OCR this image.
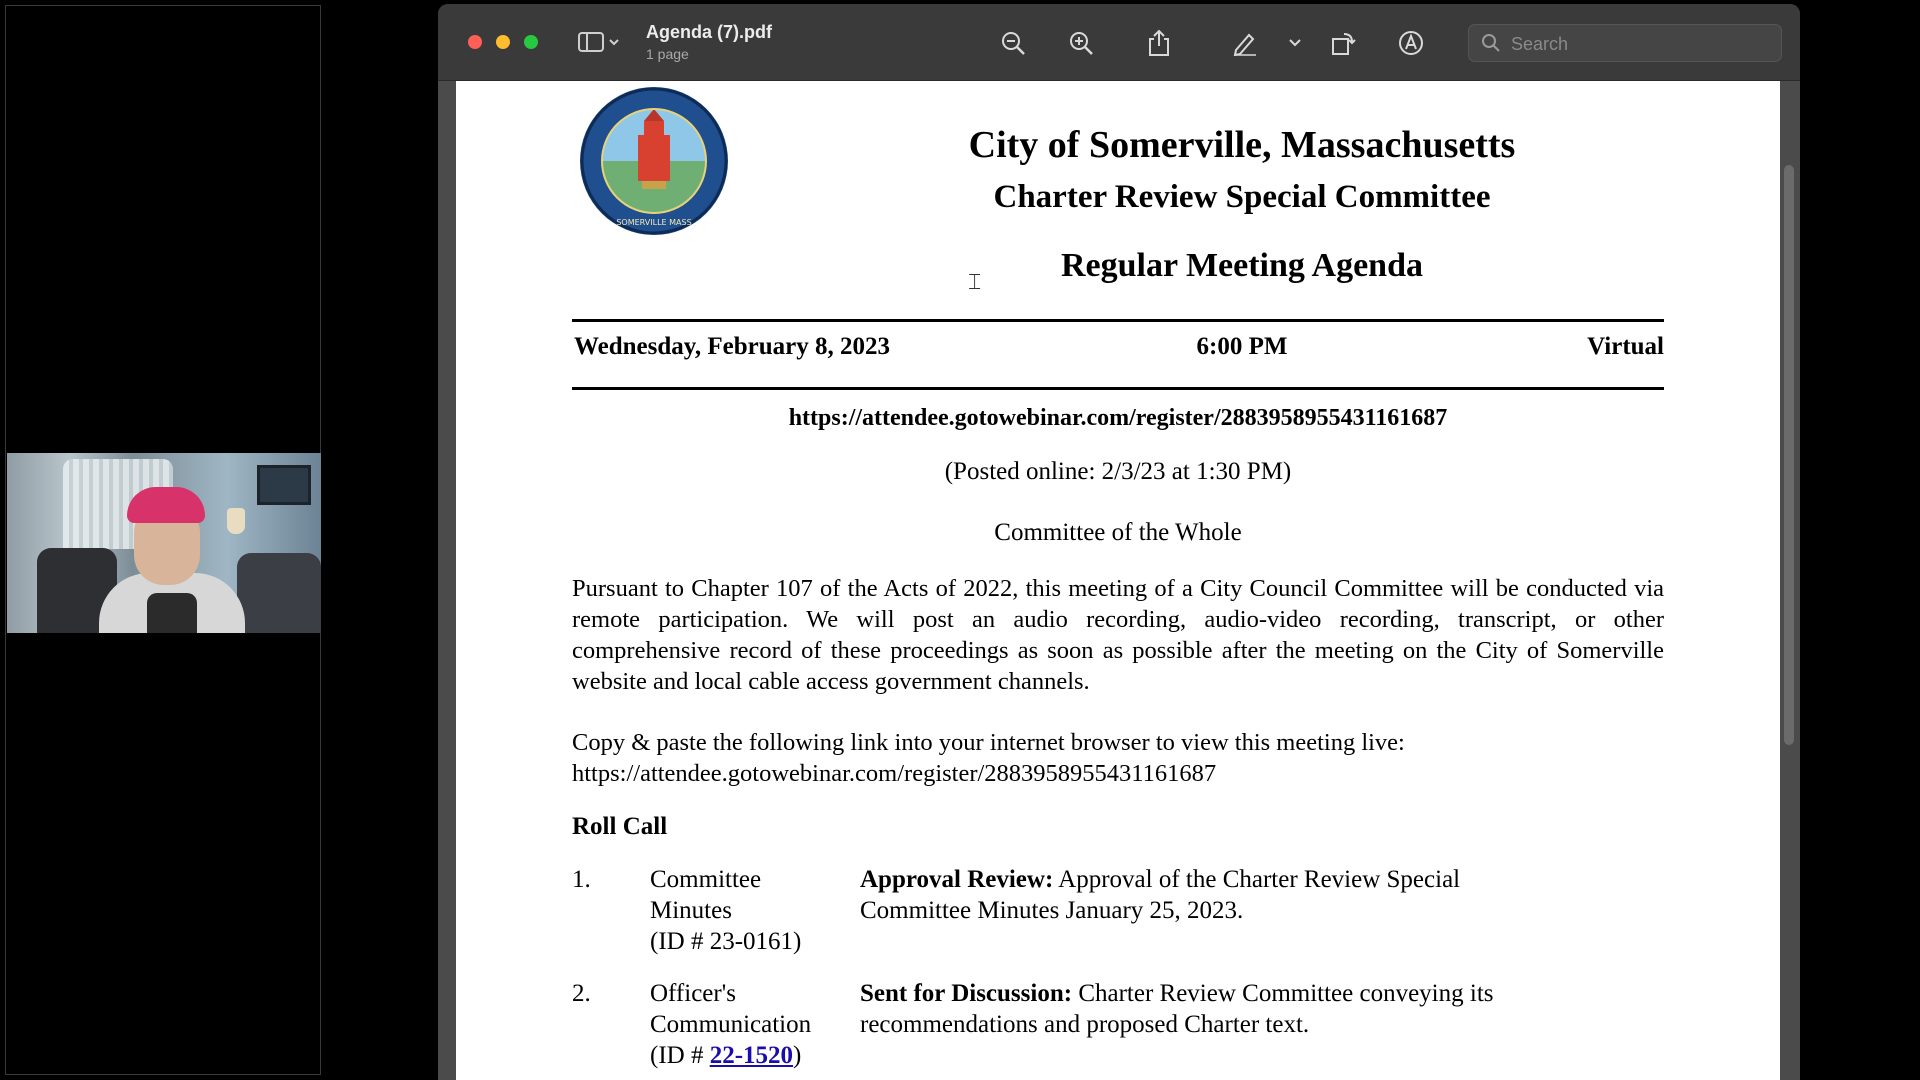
Agenda (7).pdf
1 page
Search
SOMERVILLE MASS
City of Somerville, Massachusetts
Charter Review Special Committee
Regular Meeting Agenda
⌶
Wednesday, February 8, 2023	6:00 PM	Virtual
https://attendee.gotowebinar.com/register/2883958955431161687
(Posted online: 2/3/23 at 1:30 PM)
Committee of the Whole
Pursuant to Chapter 107 of the Acts of 2022, this meeting of a City Council Committee will be conducted via remote participation. We will post an audio recording, audio-video recording, transcript, or other comprehensive record of these proceedings as soon as possible after the meeting on the City of Somerville website and local cable access government channels.
Copy & paste the following link into your internet browser to view this meeting live:
https://attendee.gotowebinar.com/register/2883958955431161687
Roll Call
1. Committee
Minutes
(ID # 23-0161)
Approval Review: Approval of the Charter Review Special Committee Minutes January 25, 2023.
2. Officer's
Communication
(ID # 22-1520)
Sent for Discussion: Charter Review Committee conveying its recommendations and proposed Charter text.
